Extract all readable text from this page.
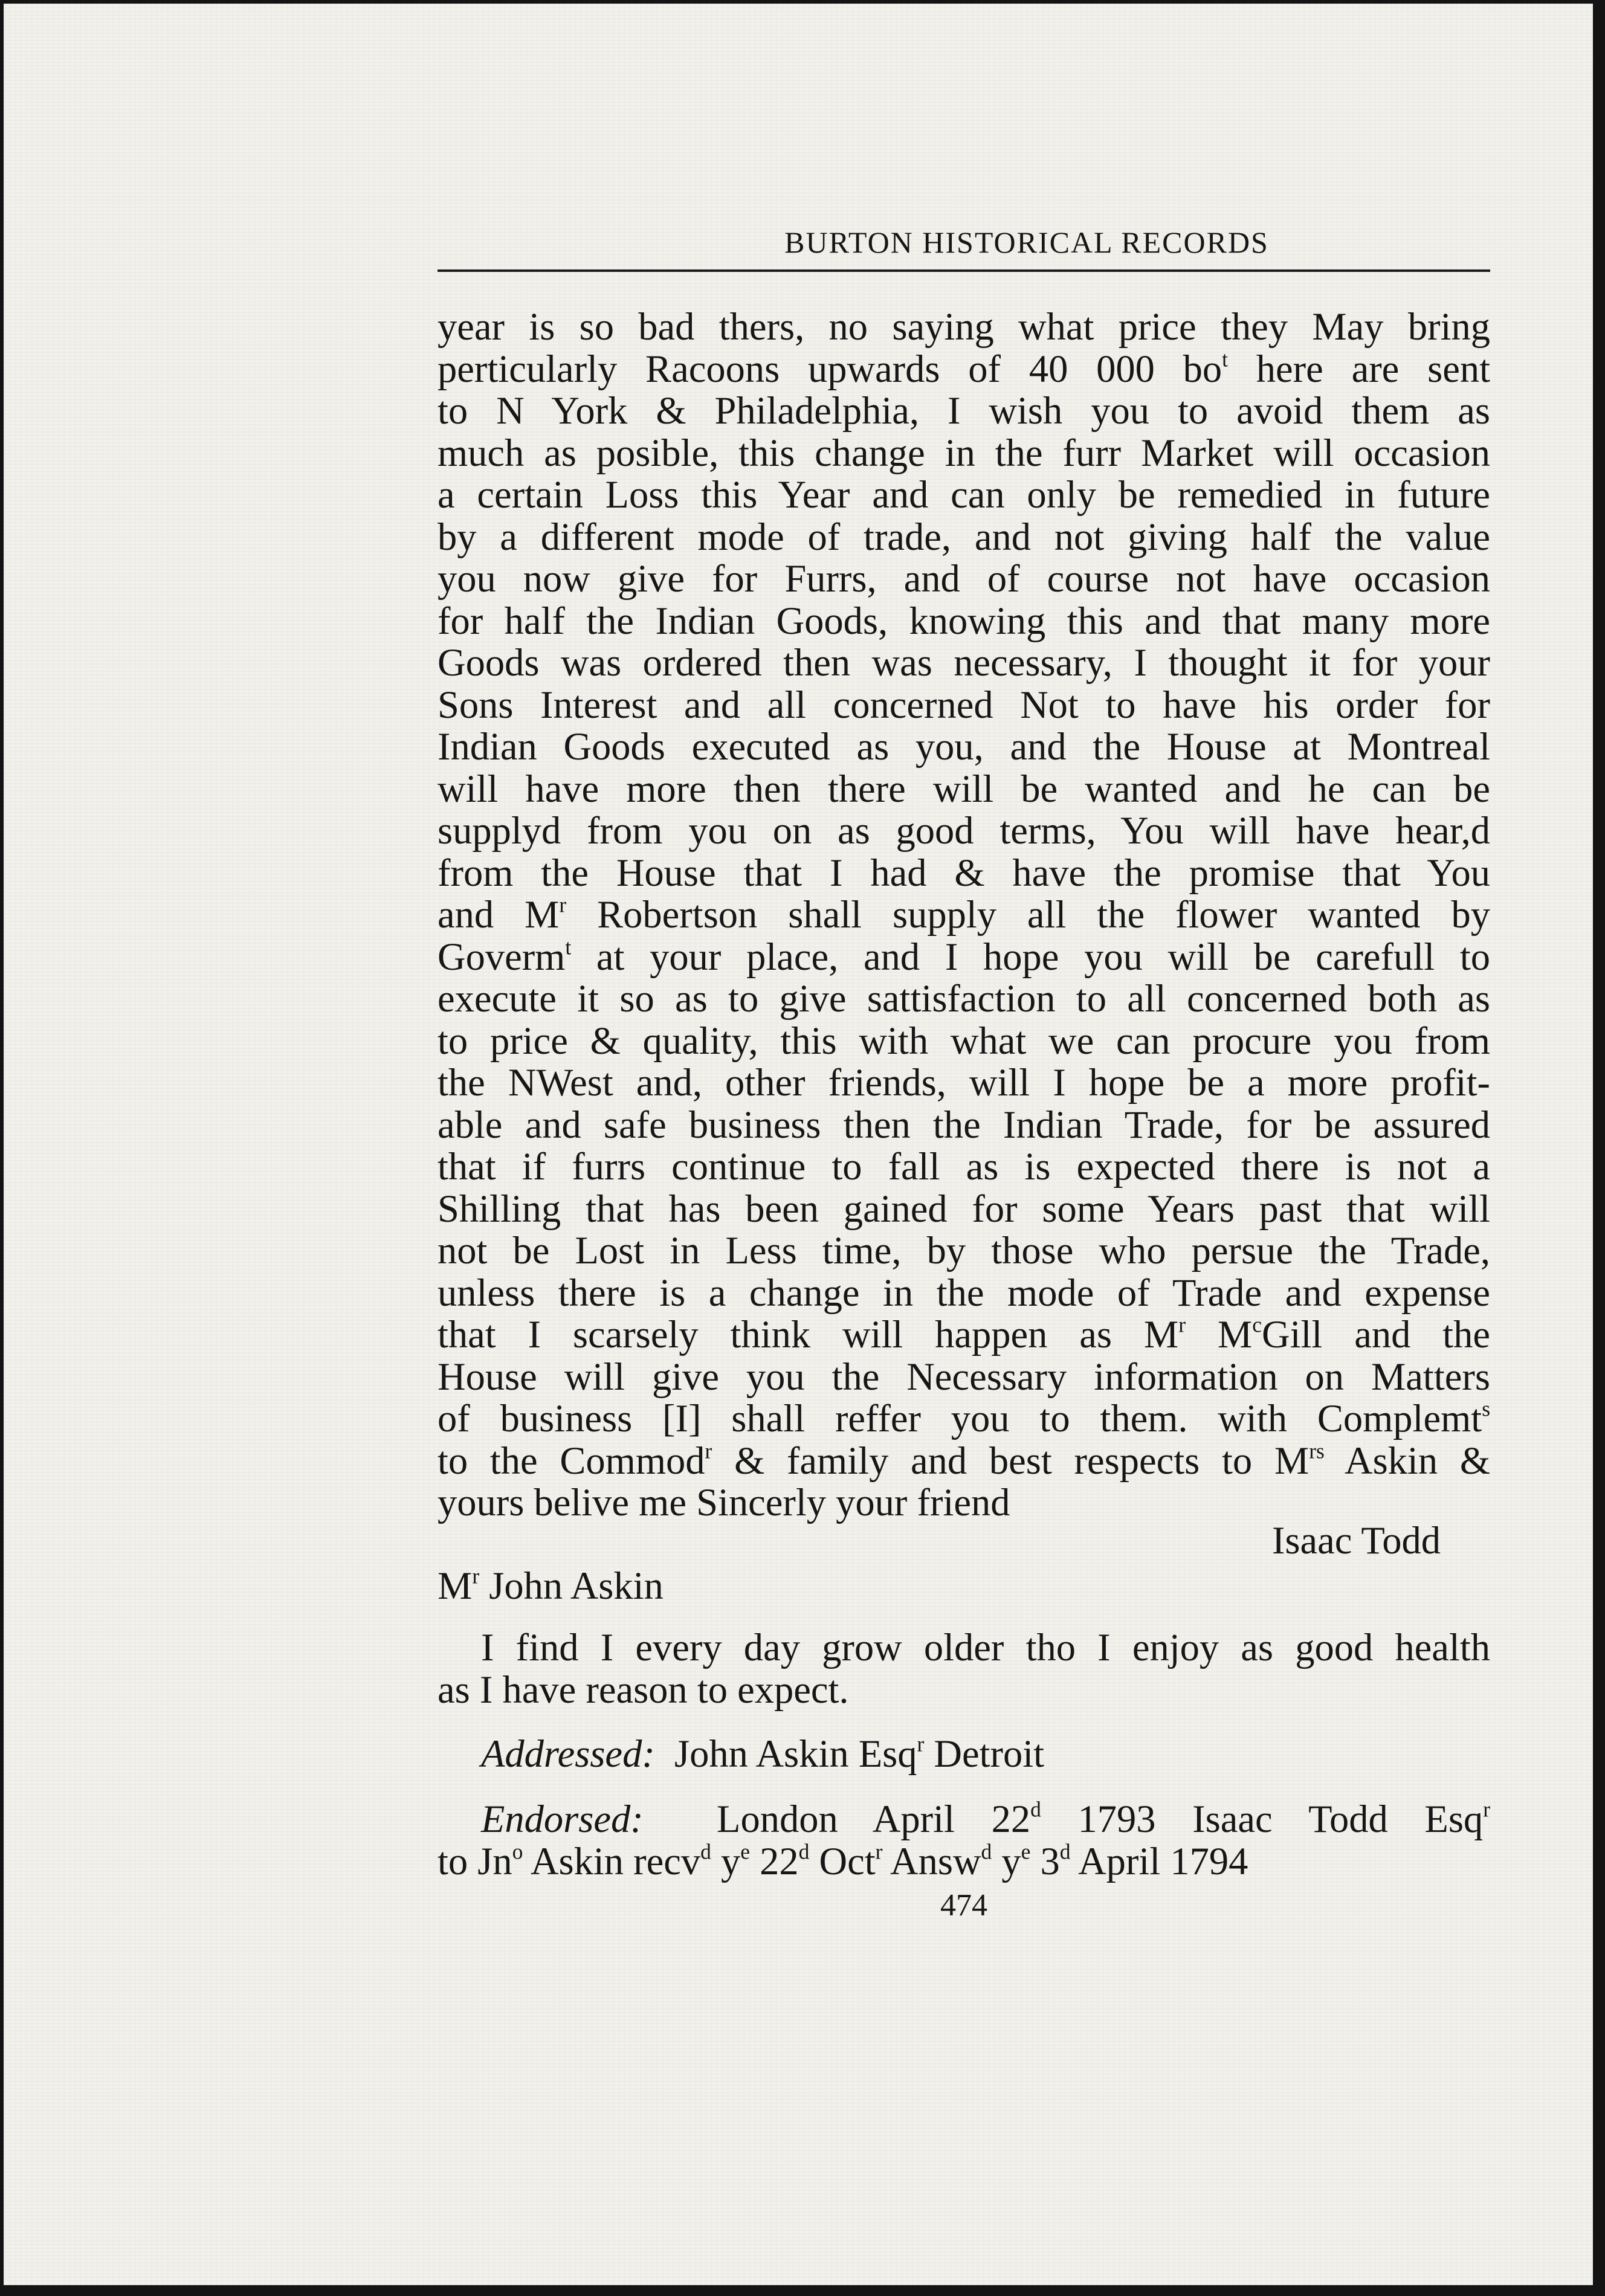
BURTON HISTORICAL RECORDS
year is so bad thers, no saying what price they May bring
perticularly Racoons upwards of 40 000 $bo^t$ here are sent
to N York & Philadelphia, I wish you to avoid them as
much as posible, this change in the furr Market will occasion
a certain Loss this Year and can only be remedied in future
by a different mode of trade, and not giving half the value
you now give for Furrs, and of course not have occasion
for half the Indian Goods, knowing this and that many more
Goods was ordered then was necessary, I thought it for your
Sons Interest and all concerned Not to have his order for
Indian Goods executed as you, and the House at Montreal
will have more then there will be wanted and he can be
supplyd from you on as good terms, You will have hear,d
from the House that I had & have the promise that You
and $M^r$ Robertson shall supply all the flower wanted by
Goverm$^t$ at your place, and I hope you will be carefull to
execute it so as to give sattisfaction to all concerned both as
to price & quality, this with what we can procure you from
the NWest and, other friends, will I hope be a more profit-
able and safe business then the Indian Trade, for be assured
that if furrs continue to fall as is expected there is not a
Shilling that has been gained for some Years past that will
not be Lost in Less time, by those who persue the Trade,
unless there is a change in the mode of Trade and expense
that I scarsely think will happen as $M^r$ $M^cGill$ and the
House will give you the Necessary information on Matters
of business [I] shall reffer you to them. with Complemt$^s$
to the Commod$^r$ & family and best respects to $M^{rs}$ Askin &
yours belive me Sincerly your friend
Isaac Todd
$M^r$ John Askin
I find I every day grow older tho I enjoy as good health
as I have reason to expect.
Addressed: John Askin Esq$^r$ Detroit
Endorsed: London April 22$^d$ 1793 Isaac Todd Esq$^r$
to Jn$^o$ Askin recv$^d$ $y^e$ 22$^d$ Oct$^r$ Answ$^d$ $y^e$ 3$^d$ April 1794
474
